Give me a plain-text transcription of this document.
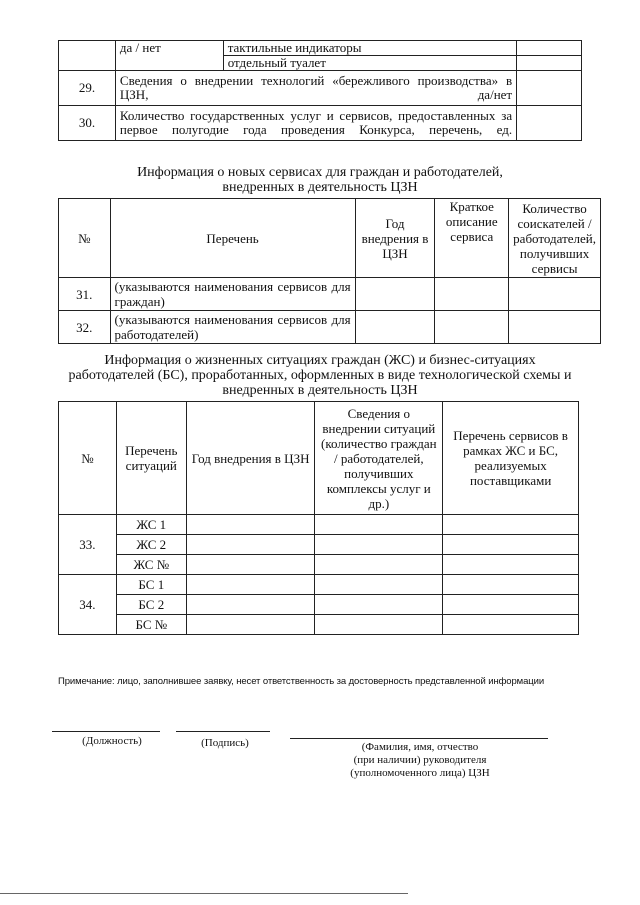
	да / нет	тактильные индикаторы	
		отдельный туалет	
29.	Сведения о внедрении технологий «бережливого производства» в ЦЗН, да/нет		
30.	Количество государственных услуг и сервисов, предоставленных за первое полугодие года проведения Конкурса, перечень, ед.		

Информация о новых сервисах для граждан и работодателей,
внедренных в деятельность ЦЗН

№	Перечень	Год внедрения в ЦЗН	Краткое описание сервиса	Количество соискателей / работодателей, получивших сервисы
31.	(указываются наименования сервисов для граждан)			
32.	(указываются наименования сервисов для работодателей)			

Информация о жизненных ситуациях граждан (ЖС) и бизнес-ситуациях
работодателей (БС), проработанных, оформленных в виде технологической схемы и
внедренных в деятельность ЦЗН

№	Перечень ситуаций	Год внедрения в ЦЗН	Сведения о внедрении ситуаций (количество граждан / работодателей, получивших комплексы услуг и др.)	Перечень сервисов в рамках ЖС и БС, реализуемых поставщиками
33.	ЖС 1			
	ЖС 2			
	ЖС №			
34.	БС 1			
	БС 2			
	БС №			

Примечание: лицо, заполнившее заявку, несет ответственность за достоверность представленной информации

(Должность)	(Подпись)	(Фамилия, имя, отчество
(при наличии) руководителя
(уполномоченного лица) ЦЗН
